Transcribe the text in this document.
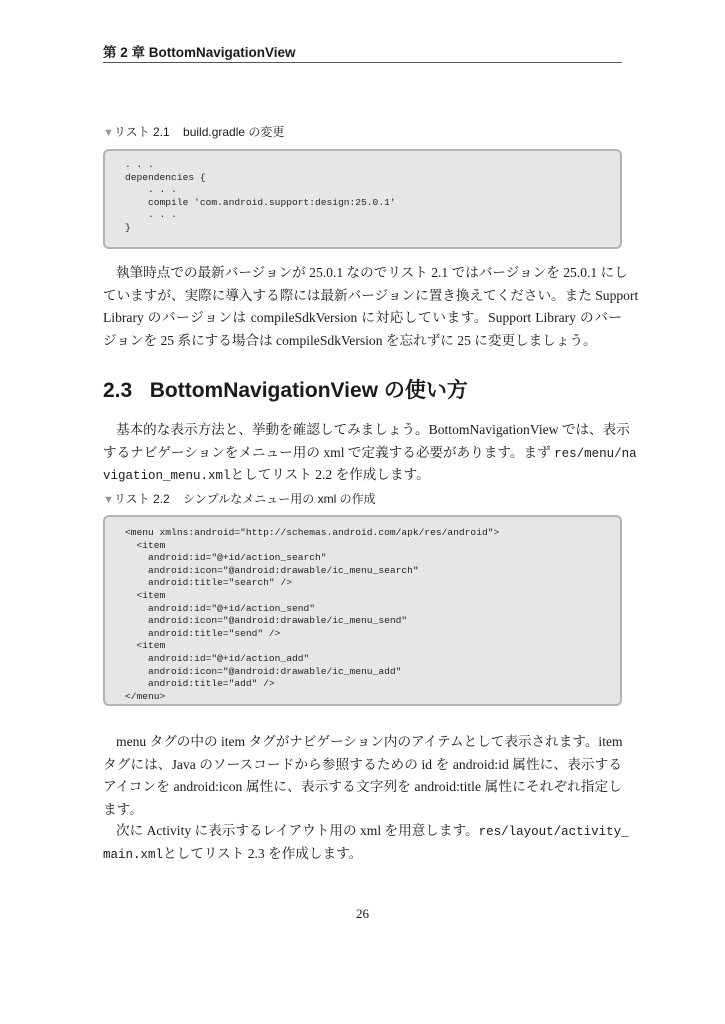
第 2 章 BottomNavigationView
▼リスト 2.1 build.gradle の変更
. . .
dependencies {
. . .
compile 'com.android.support:design:25.0.1'
. . .
}
執筆時点での最新バージョンが 25.0.1 なのでリスト 2.1 ではバージョンを 25.0.1 にし
ていますが、実際に導入する際には最新バージョンに置き換えてください。また Support
Library のバージョンは compileSdkVersion に対応しています。Support Library のバー
ジョンを 25 系にする場合は compileSdkVersion を忘れずに 25 に変更しましょう。
2.3 BottomNavigationView の使い方
基本的な表示方法と、挙動を確認してみましょう。BottomNavigationView では、表示
するナビゲーションをメニュー用の xml で定義する必要があります。まず res/menu/na
vigation_menu.xmlとしてリスト 2.2 を作成します。
▼リスト 2.2 シンプルなメニュー用の xml の作成
<menu xmlns:android="http://schemas.android.com/apk/res/android">
<item
android:id="@+id/action_search"
android:icon="@android:drawable/ic_menu_search"
android:title="search" />
<item
android:id="@+id/action_send"
android:icon="@android:drawable/ic_menu_send"
android:title="send" />
<item
android:id="@+id/action_add"
android:icon="@android:drawable/ic_menu_add"
android:title="add" />
</menu>
menu タグの中の item タグがナビゲーション内のアイテムとして表示されます。item
タグには、Java のソースコードから参照するための id を android:id 属性に、表示する
アイコンを android:icon 属性に、表示する文字列を android:title 属性にそれぞれ指定し
ます。
次に Activity に表示するレイアウト用の xml を用意します。res/layout/activity_
main.xmlとしてリスト 2.3 を作成します。
26
